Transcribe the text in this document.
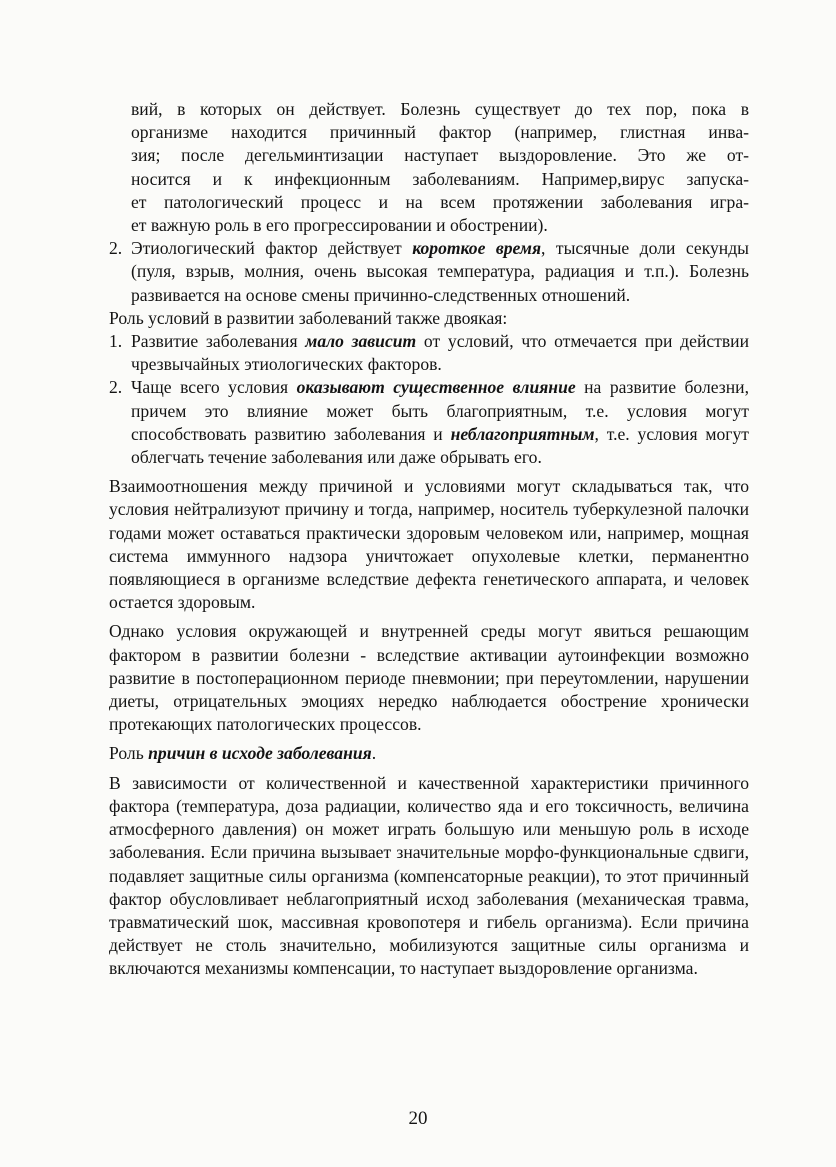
вий, в которых он действует. Болезнь существует до тех пор, пока в

организме находится причинный фактор (например, глистная инва-

зия; после дегельминтизации наступает выздоровление. Это же от-

носится и к инфекционным заболеваниям. Например,вирус запуска-

ет патологический процесс и на всем протяжении заболевания игра-

ет важную роль в его прогрессировании и обострении).

2. Этиологический фактор действует короткое время, тысячные доли секунды (пуля, взрыв, молния, очень высокая температура, радиация и т.п.). Болезнь развивается на основе смены причинно-следственных отношений.

Роль условий в развитии заболеваний также двоякая:

1. Развитие заболевания мало зависит от условий, что отмечается при действии чрезвычайных этиологических факторов.
2. Чаще всего условия оказывают существенное влияние на развитие болезни, причем это влияние может быть благоприятным, т.е. условия могут способствовать развитию заболевания и неблагоприятным, т.е. условия могут облегчать течение заболевания или даже обрывать его.

Взаимоотношения между причиной и условиями могут складываться так, что условия нейтрализуют причину и тогда, например, носитель туберкулезной палочки годами может оставаться практически здоровым человеком или, например, мощная система иммунного надзора уничтожает опухолевые клетки, перманентно появляющиеся в организме вследствие дефекта генетического аппарата, и человек остается здоровым.

Однако условия окружающей и внутренней среды могут явиться решающим фактором в развитии болезни - вследствие активации аутоинфекции возможно развитие в постоперационном периоде пневмонии; при переутомлении, нарушении диеты, отрицательных эмоциях нередко наблюдается обострение хронически протекающих патологических процессов.

Роль причин в исходе заболевания.

В зависимости от количественной и качественной характеристики причинного фактора (температура, доза радиации, количество яда и его токсичность, величина атмосферного давления) он может играть большую или меньшую роль в исходе заболевания. Если причина вызывает значительные морфо-функциональные сдвиги, подавляет защитные силы организма (компенсаторные реакции), то этот причинный фактор обусловливает неблагоприятный исход заболевания (механическая травма, травматический шок, массивная кровопотеря и гибель организма). Если причина действует не столь значительно, мобилизуются защитные силы организма и включаются механизмы компенсации, то наступает выздоровление организма.

20
